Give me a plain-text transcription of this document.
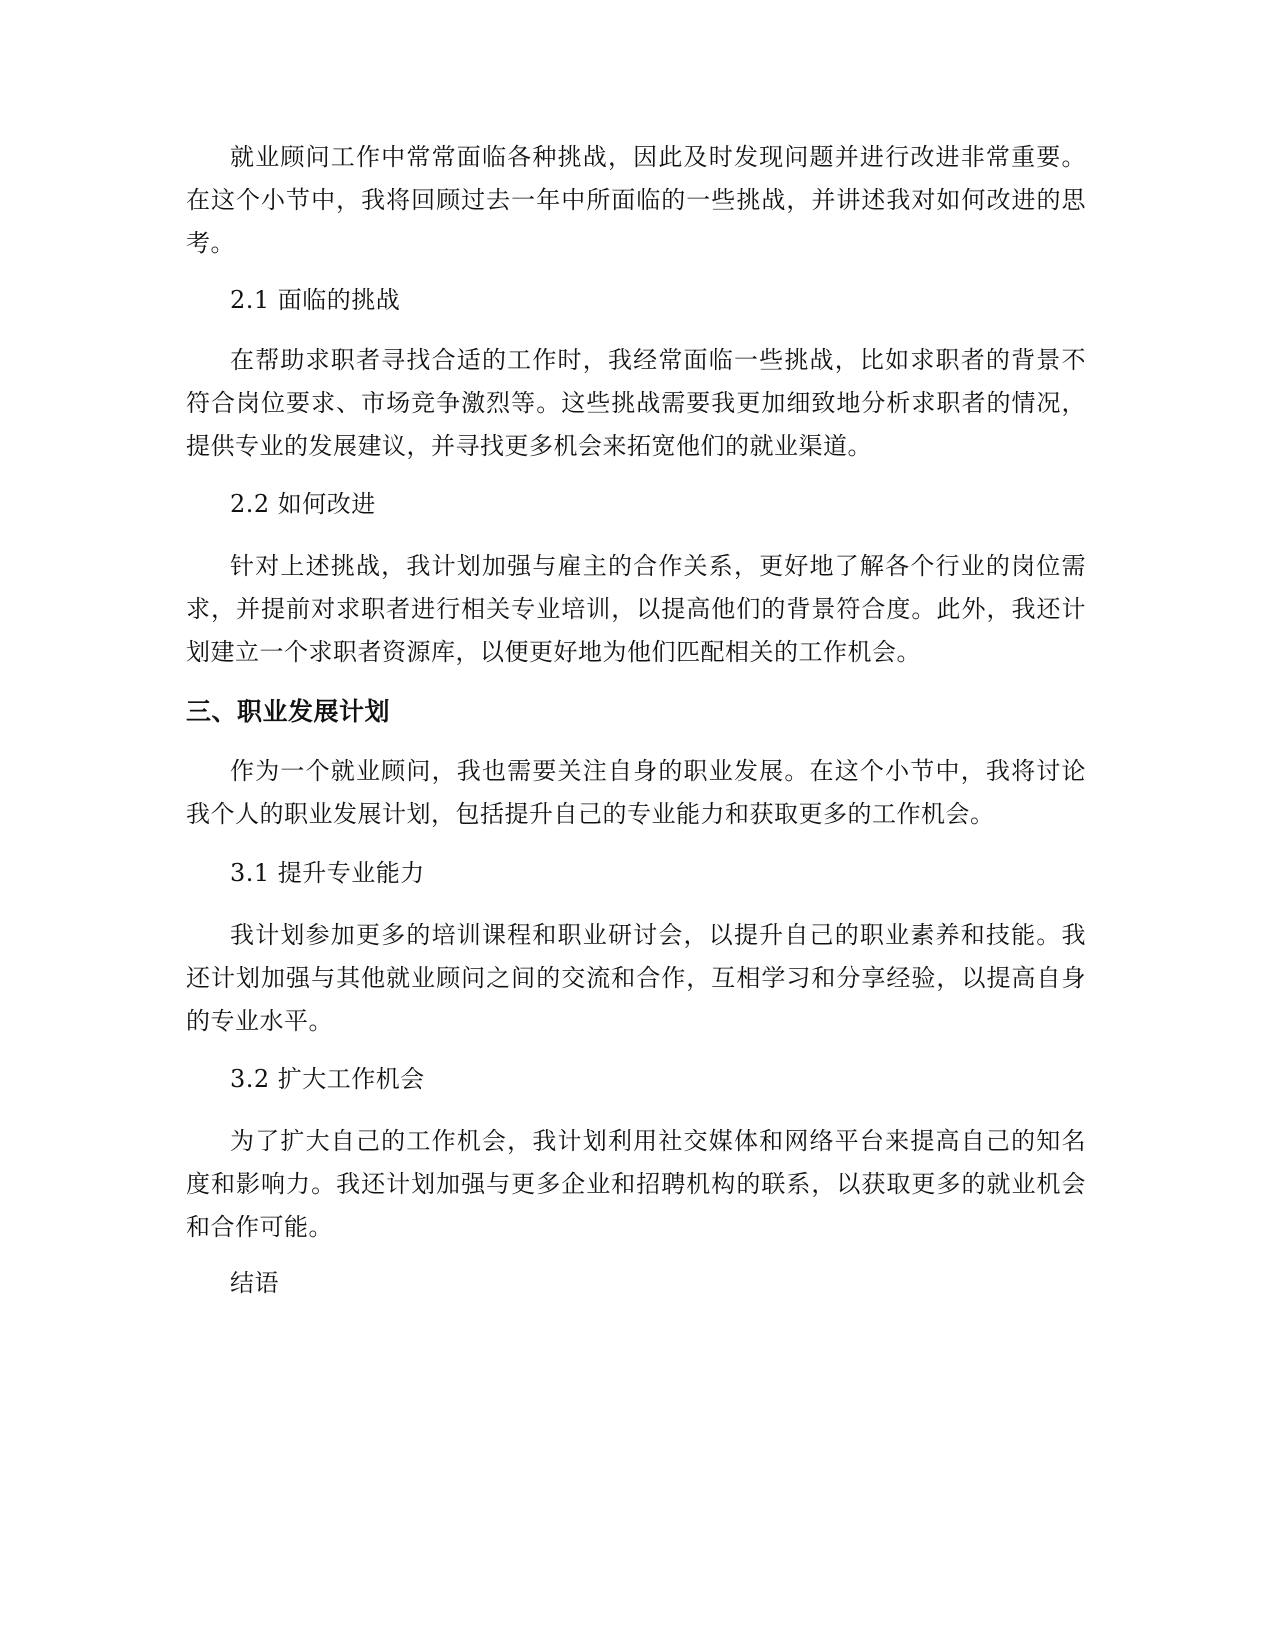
就业顾问工作中常常面临各种挑战，因此及时发现问题并进行改进非常重要。在这个小节中，我将回顾过去一年中所面临的一些挑战，并讲述我对如何改进的思考。

2.1 面临的挑战

在帮助求职者寻找合适的工作时，我经常面临一些挑战，比如求职者的背景不符合岗位要求、市场竞争激烈等。这些挑战需要我更加细致地分析求职者的情况，提供专业的发展建议，并寻找更多机会来拓宽他们的就业渠道。

2.2 如何改进

针对上述挑战，我计划加强与雇主的合作关系，更好地了解各个行业的岗位需求，并提前对求职者进行相关专业培训，以提高他们的背景符合度。此外，我还计划建立一个求职者资源库，以便更好地为他们匹配相关的工作机会。

三、职业发展计划

作为一个就业顾问，我也需要关注自身的职业发展。在这个小节中，我将讨论我个人的职业发展计划，包括提升自己的专业能力和获取更多的工作机会。

3.1 提升专业能力

我计划参加更多的培训课程和职业研讨会，以提升自己的职业素养和技能。我还计划加强与其他就业顾问之间的交流和合作，互相学习和分享经验，以提高自身的专业水平。

3.2 扩大工作机会

为了扩大自己的工作机会，我计划利用社交媒体和网络平台来提高自己的知名度和影响力。我还计划加强与更多企业和招聘机构的联系，以获取更多的就业机会和合作可能。

结语
